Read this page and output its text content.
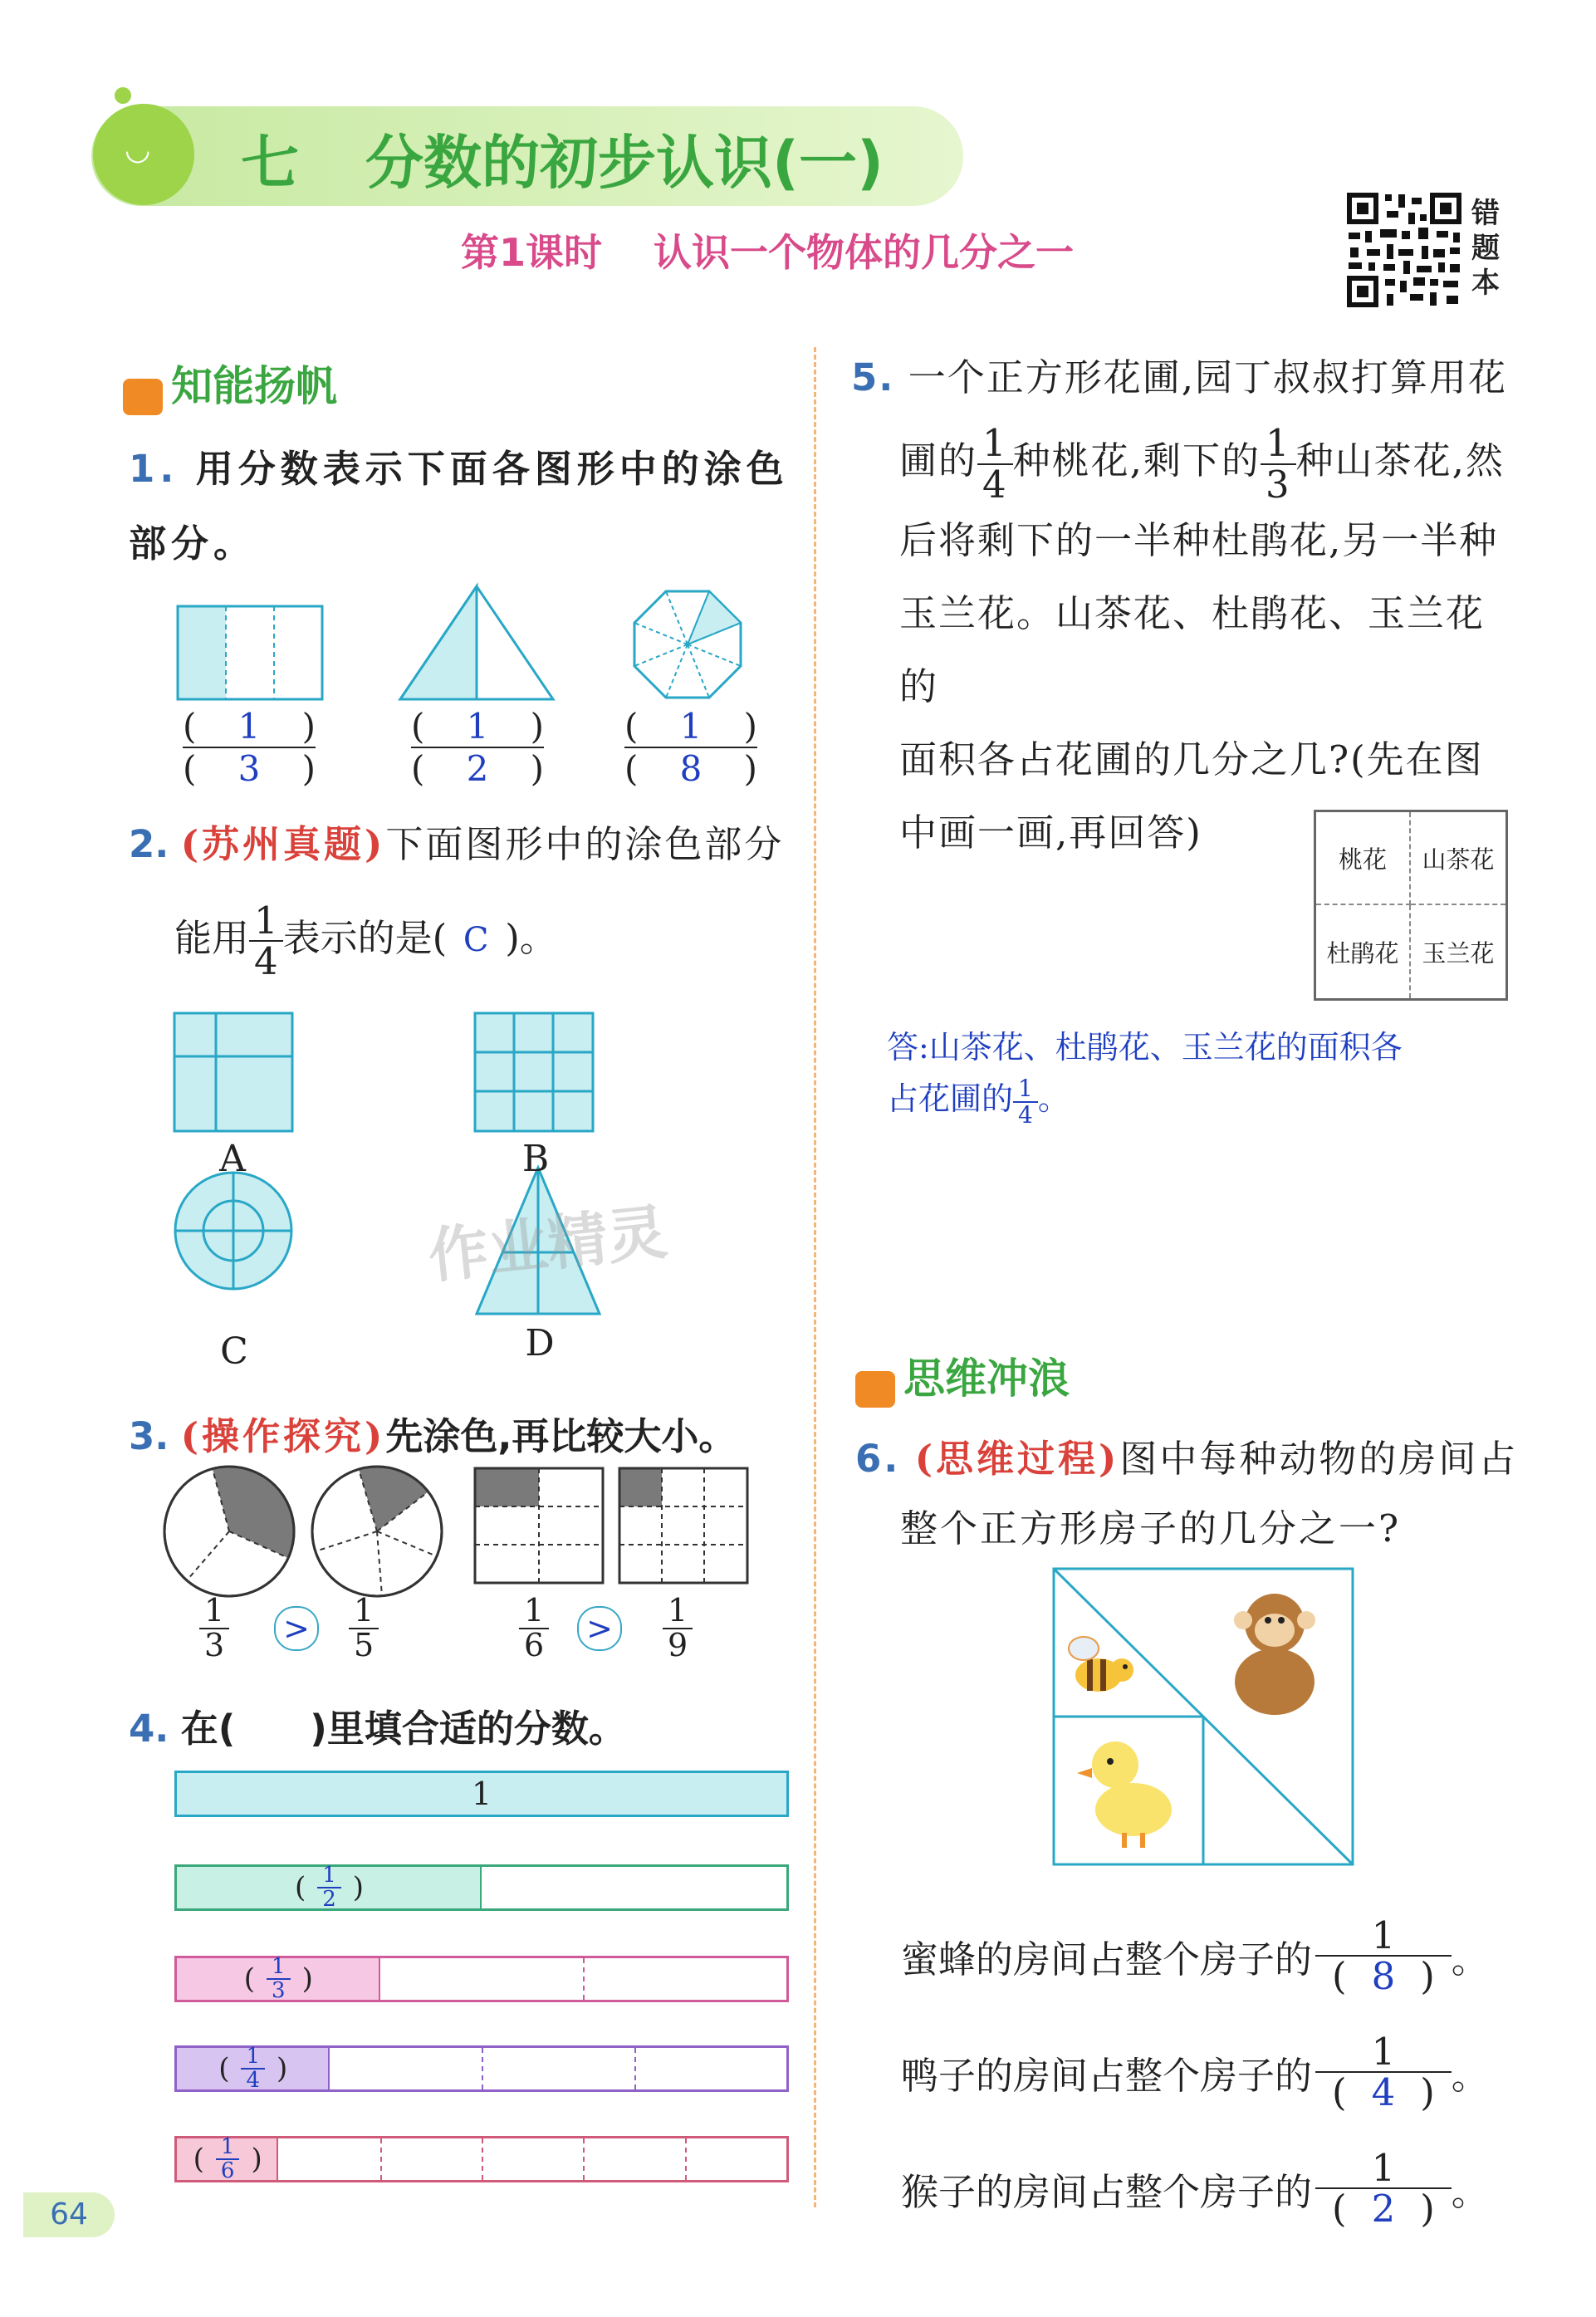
◡ 七 分数的初步认识(一)
第1课时 认识一个物体的几分之一
错题本
知能扬帆
1. 用分数表示下面各图形中的涂色部分。
( 1 )
( 3 )
( 1 )
( 2 )
( 1 )
( 8 )
2. (苏州真题)下面图形中的涂色部分
能用 $\frac{1}{4}$ 表示的是( C )。
A	B
C	D
作业精灵
3. (操作探究)先涂色,再比较大小。
$\frac{1}{3} > \frac{1}{5}$	$\frac{1}{6} > \frac{1}{9}$
4. 在(　　)里填合适的分数。
1
( $\frac{1}{2}$ )
( $\frac{1}{3}$ )
( $\frac{1}{4}$ )
( $\frac{1}{6}$ )
5. 一个正方形花圃,园丁叔叔打算用花
圃的 $\frac{1}{4}$ 种桃花,剩下的 $\frac{1}{3}$ 种山茶花,然
后将剩下的一半种杜鹃花,另一半种
玉兰花。山茶花、杜鹃花、玉兰花的
面积各占花圃的几分之几?(先在图
中画一画,再回答)
桃花	山茶花
杜鹃花 玉兰花
答:山茶花、杜鹃花、玉兰花的面积各
占花圃的 $\frac{1}{4}$ 。
思维冲浪
6. (思维过程)图中每种动物的房间占
整个正方形房子的几分之一?
蜜蜂的房间占整个房子的 $\frac{1}{( 8 )}$ 。
鸭子的房间占整个房子的 $\frac{1}{( 4 )}$ 。
猴子的房间占整个房子的 $\frac{1}{( 2 )}$ 。
64
